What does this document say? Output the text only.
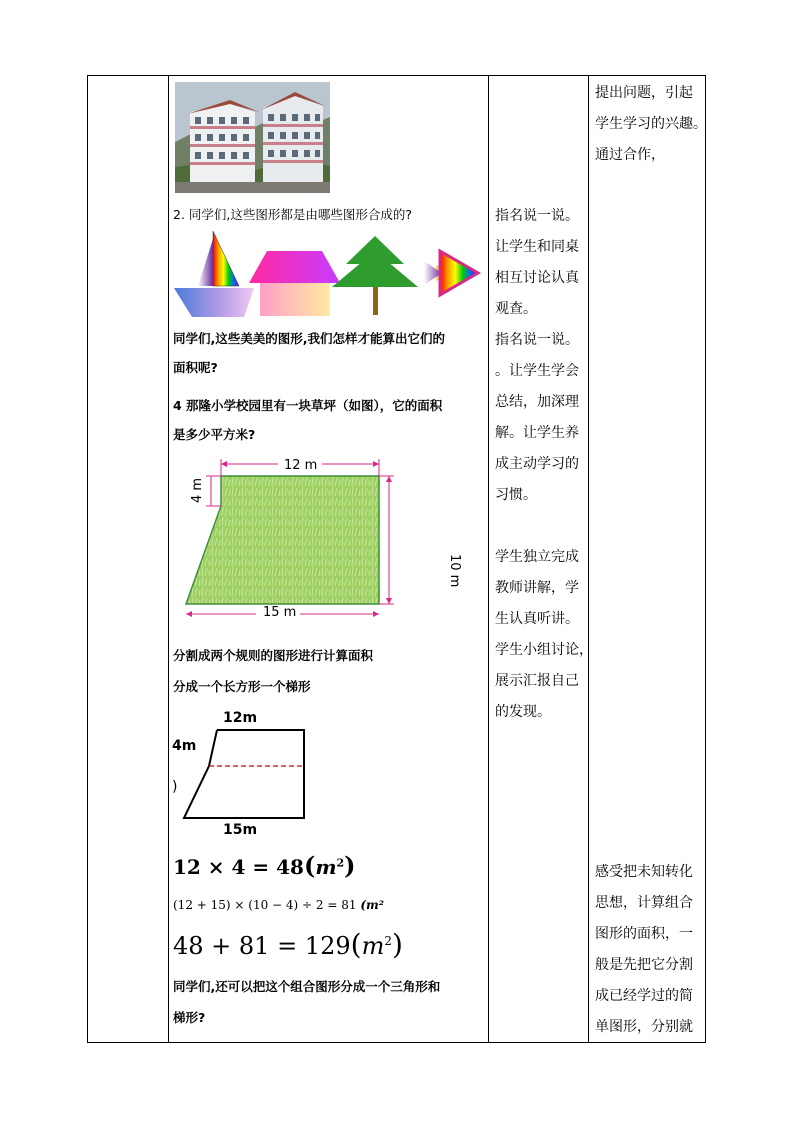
2. 同学们,这些图形都是由哪些图形合成的?
同学们,这些美美的图形,我们怎样才能算出它们的
面积呢?
4 那隆小学校园里有一块草坪（如图），它的面积
是多少平方米?
12 m
4 m
10 m
15 m
分割成两个规则的图形进行计算面积
分成一个长方形一个梯形
12m
4m
)
15m
$12 \times 4 = 48(m^2)$
(12 + 15) × (10 − 4) ÷ 2 = 81 (m²
$48 + 81 = 129(m^2)$
同学们,还可以把这个组合图形分成一个三角形和
梯形?
指名说一说。
让学生和同桌
相互讨论认真
观查。
指名说一说。
。让学生学会
总结，加深理
解。让学生养
成主动学习的
习惯。
学生独立完成
教师讲解，学
生认真听讲。
学生小组讨论，
展示汇报自己
的发现。
提出问题，引起
学生学习的兴趣。
通过合作，
感受把未知转化
思想，计算组合
图形的面积，一
般是先把它分割
成已经学过的简
单图形，分别就
